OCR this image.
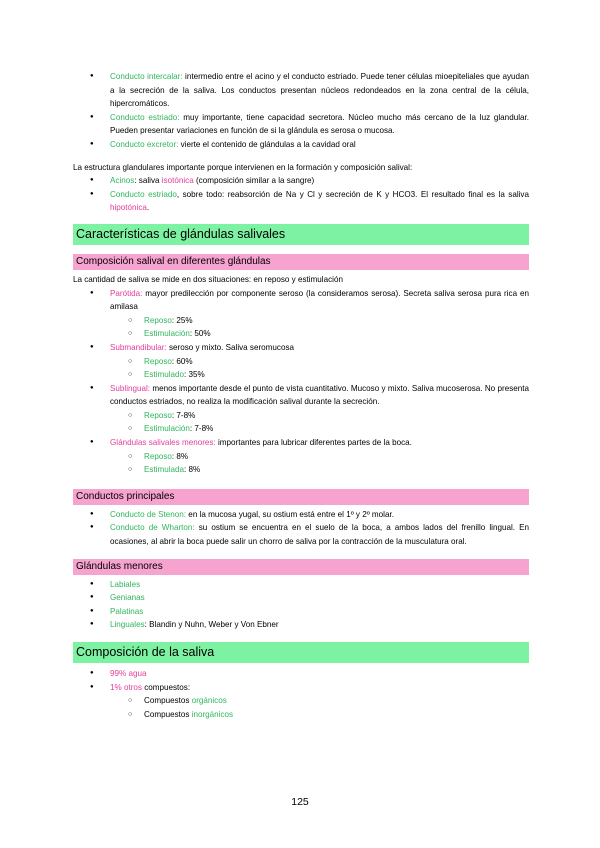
● Conducto intercalar: intermedio entre el acino y el conducto estriado. Puede tener células mioepiteliales que ayudan a la secreción de la saliva. Los conductos presentan núcleos redondeados en la zona central de la célula, hipercromáticos.
● Conducto estriado: muy importante, tiene capacidad secretora. Núcleo mucho más cercano de la luz glandular. Pueden presentar variaciones en función de si la glándula es serosa o mucosa.
● Conducto excretor: vierte el contenido de glándulas a la cavidad oral

La estructura glandulares importante porque intervienen en la formación y composición salival:

● Acinos: saliva isotónica (composición similar a la sangre)
● Conducto estriado, sobre todo: reabsorción de Na y Cl y secreción de K y HCO3. El resultado final es la saliva hipotónica.
Características de glándulas salivales
Composición salival en diferentes glándulas

La cantidad de saliva se mide en dos situaciones: en reposo y estimulación

● Parótida: mayor predilección por componente seroso (la consideramos serosa). Secreta saliva serosa pura rica en amilasa
○ Reposo: 25%
○ Estimulación: 50%
● Submandibular: seroso y mixto. Saliva seromucosa
○ Reposo: 60%
○ Estimulado: 35%
● Sublingual: menos importante desde el punto de vista cuantitativo. Mucoso y mixto. Saliva mucoserosa. No presenta conductos estriados, no realiza la modificación salival durante la secreción.
○ Reposo: 7-8%
○ Estimulación: 7-8%
● Glándulas salivales menores: importantes para lubricar diferentes partes de la boca.
○ Reposo: 8%
○ Estimulada: 8%
Conductos principales
● Conducto de Stenon: en la mucosa yugal, su ostium está entre el 1º y 2º molar.
● Conducto de Wharton: su ostium se encuentra en el suelo de la boca, a ambos lados del frenillo lingual. En ocasiones, al abrir la boca puede salir un chorro de saliva por la contracción de la musculatura oral.
Glándulas menores
● Labiales
● Genianas
● Palatinas
● Linguales: Blandin y Nuhn, Weber y Von Ebner
Composición de la saliva
● 99% agua
● 1% otros compuestos:
○ Compuestos orgánicos
○ Compuestos inorgánicos
125
